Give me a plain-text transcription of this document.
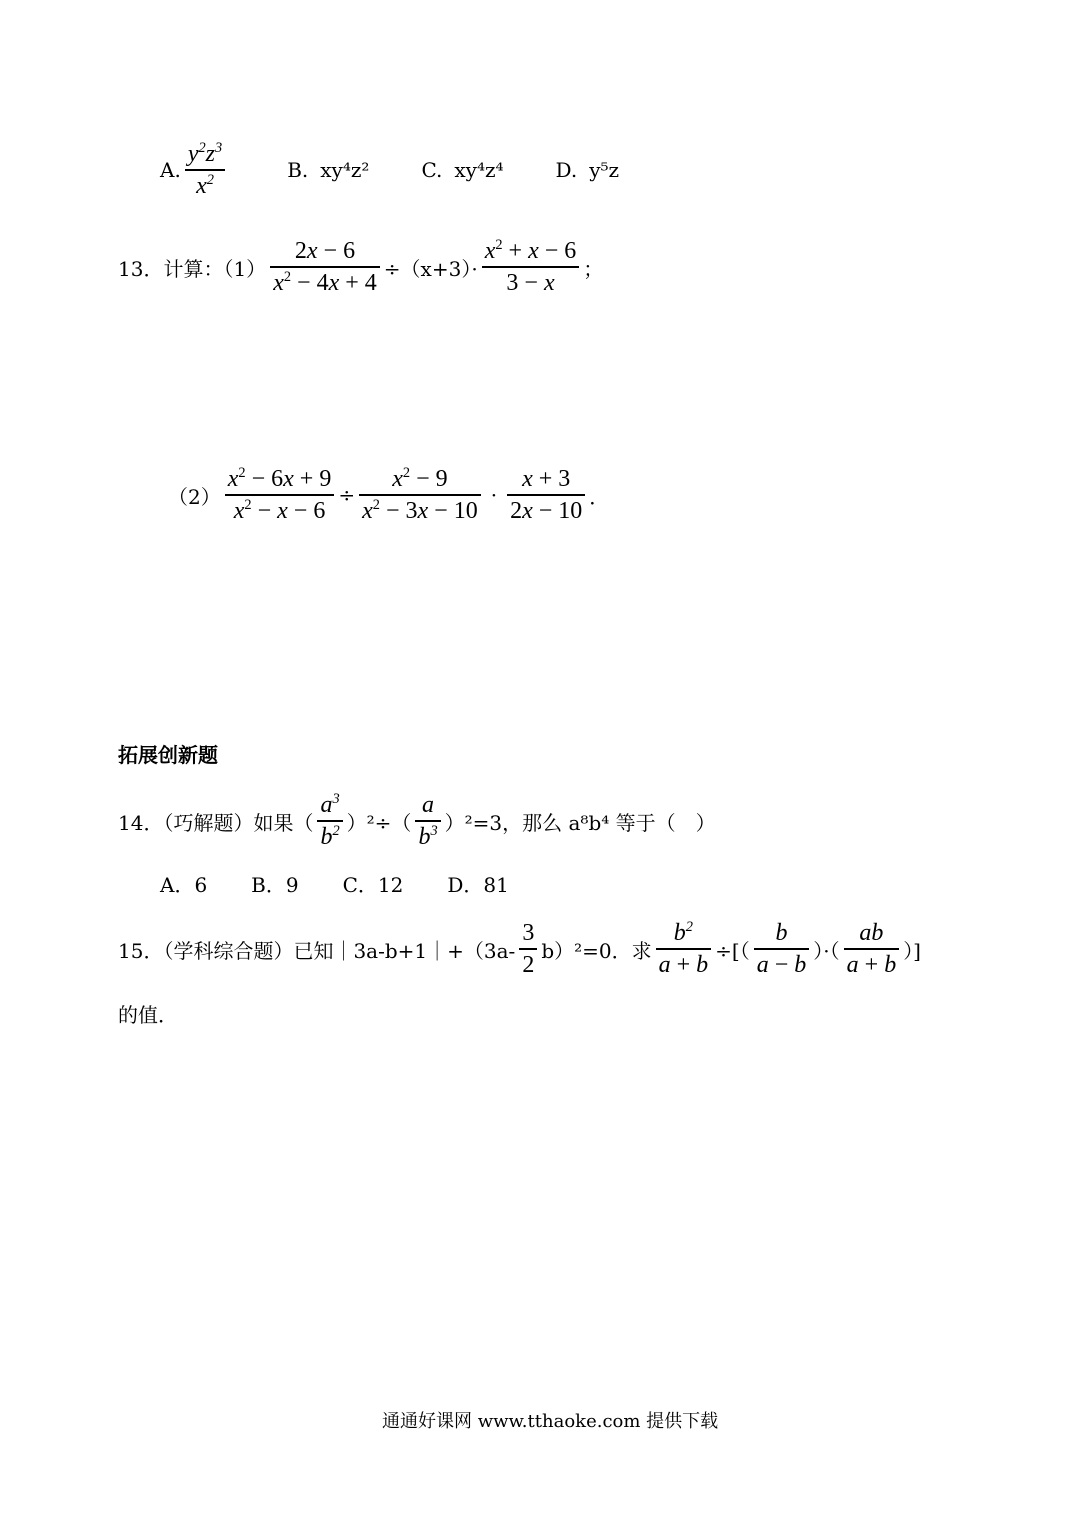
A. $\frac{y^2z^3}{x^2}$	B. xy⁴z²	C. xy⁴z⁴	D. y⁵z
13．计算：$(1) \frac{2x - 6}{x^2 - 4x + 4} \div(x+3)\cdot \frac{x^2 + x - 6}{3 - x}$ ；
$(2) \frac{x^2 - 6x + 9}{x^2 - x - 6} \div \frac{x^2 - 9}{x^2 - 3x - 10} \cdot \frac{x + 3}{2x - 10}$ ．
拓展创新题
14．（巧解题）如果（ $\frac{a^3}{b^2} )^2\div( \frac{a}{b^3} )^2=3$，那么 a⁸b⁴ 等于（　）
A．6 B．9 C．12 D．81
15．（学科综合题）已知｜3a-b+1｜+（3a- $\frac{3}{2} b)^2=0$．求 $\frac{b^2}{a + b}$ ÷[（ $\frac{b}{a - b}$ ）·（ $\frac{ab}{a + b}$ ）]
的值．
通通好课网 www.tthaoke.com 提供下载
